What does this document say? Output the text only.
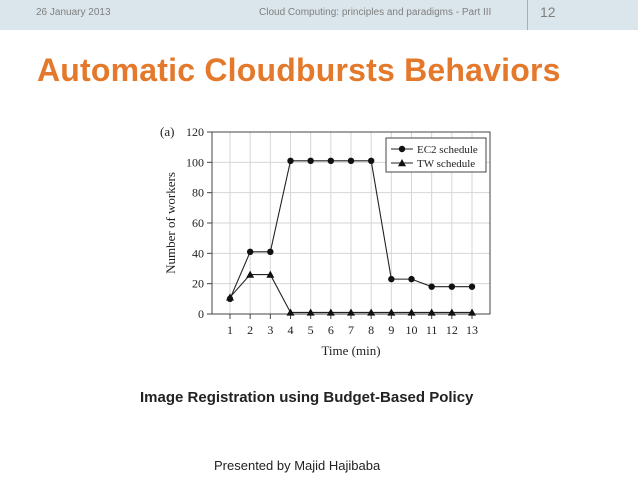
26 January 2013	Cloud Computing: principles and paradigms - Part III	12
Automatic Cloudbursts Behaviors
(a)
Number of workers
Time (min)
0
20
40
60
80
100
120
1 2 3 4 5 6 7 8 9 10 11 12 13
EC2 schedule
TW schedule
Image Registration using Budget-Based Policy
Presented by Majid Hajibaba
